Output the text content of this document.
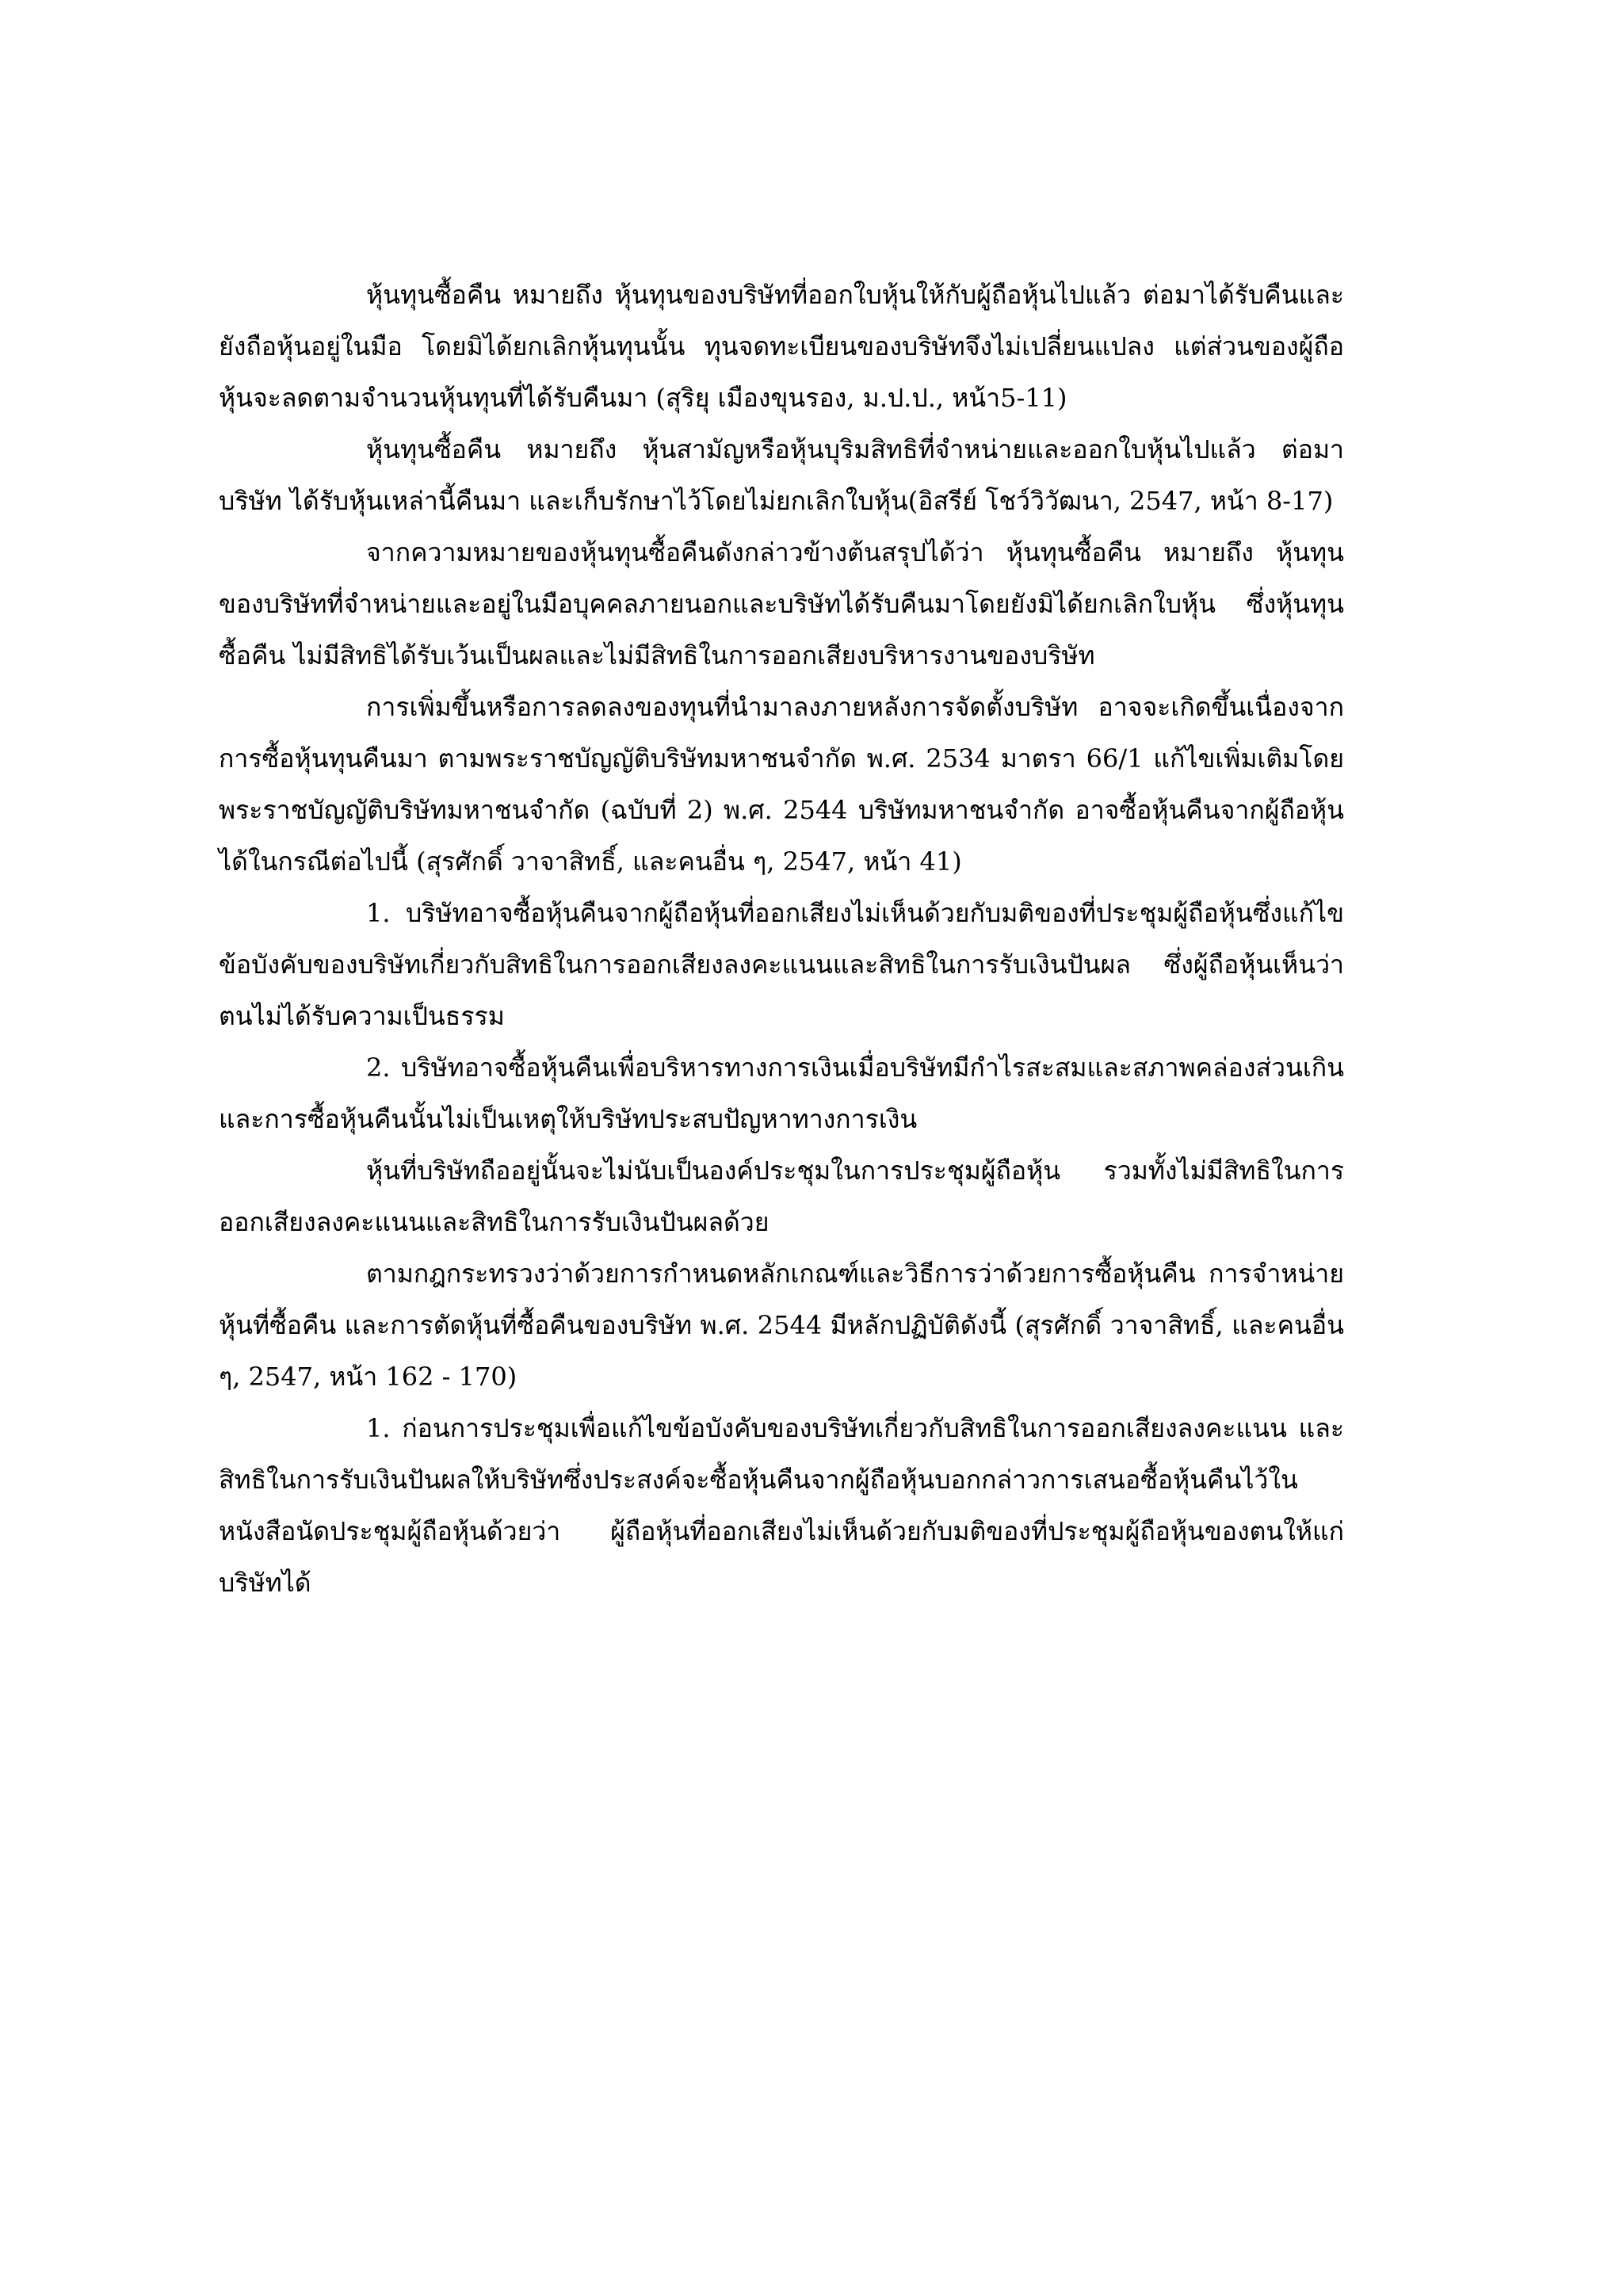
หุ้นทุนซื้อคืน หมายถึง หุ้นทุนของบริษัทที่ออกใบหุ้นให้กับผู้ถือหุ้นไปแล้ว ต่อมาได้รับคืนและยังถือหุ้นอยู่ในมือ โดยมิได้ยกเลิกหุ้นทุนนั้น ทุนจดทะเบียนของบริษัทจึงไม่เปลี่ยนแปลง แต่ส่วนของผู้ถือหุ้นจะลดตามจำนวนหุ้นทุนที่ได้รับคืนมา (สุริยุ เมืองขุนรอง, ม.ป.ป., หน้า5-11)

หุ้นทุนซื้อคืน หมายถึง หุ้นสามัญหรือหุ้นบุริมสิทธิที่จำหน่ายและออกใบหุ้นไปแล้ว ต่อมาบริษัท ได้รับหุ้นเหล่านี้คืนมา และเก็บรักษาไว้โดยไม่ยกเลิกใบหุ้น(อิสรีย์ โชว์วิวัฒนา, 2547, หน้า 8-17)

จากความหมายของหุ้นทุนซื้อคืนดังกล่าวข้างต้นสรุปได้ว่า หุ้นทุนซื้อคืน หมายถึง หุ้นทุนของบริษัทที่จำหน่ายและอยู่ในมือบุคคลภายนอกและบริษัทได้รับคืนมาโดยยังมิได้ยกเลิกใบหุ้น ซึ่งหุ้นทุนซื้อคืน ไม่มีสิทธิได้รับเว้นเป็นผลและไม่มีสิทธิในการออกเสียงบริหารงานของบริษัท

การเพิ่มขึ้นหรือการลดลงของทุนที่นำมาลงภายหลังการจัดตั้งบริษัท อาจจะเกิดขึ้นเนื่องจากการซื้อหุ้นทุนคืนมา ตามพระราชบัญญัติบริษัทมหาชนจำกัด พ.ศ. 2534 มาตรา 66/1 แก้ไขเพิ่มเติมโดย พระราชบัญญัติบริษัทมหาชนจำกัด (ฉบับที่ 2) พ.ศ. 2544 บริษัทมหาชนจำกัด อาจซื้อหุ้นคืนจากผู้ถือหุ้นได้ในกรณีต่อไปนี้ (สุรศักดิ์ วาจาสิทธิ์, และคนอื่น ๆ, 2547, หน้า 41)

1. บริษัทอาจซื้อหุ้นคืนจากผู้ถือหุ้นที่ออกเสียงไม่เห็นด้วยกับมติของที่ประชุมผู้ถือหุ้นซึ่งแก้ไขข้อบังคับของบริษัทเกี่ยวกับสิทธิในการออกเสียงลงคะแนนและสิทธิในการรับเงินปันผล ซึ่งผู้ถือหุ้นเห็นว่าตนไม่ได้รับความเป็นธรรม

2. บริษัทอาจซื้อหุ้นคืนเพื่อบริหารทางการเงินเมื่อบริษัทมีกำไรสะสมและสภาพคล่องส่วนเกิน และการซื้อหุ้นคืนนั้นไม่เป็นเหตุให้บริษัทประสบปัญหาทางการเงิน

หุ้นที่บริษัทถืออยู่นั้นจะไม่นับเป็นองค์ประชุมในการประชุมผู้ถือหุ้น รวมทั้งไม่มีสิทธิในการออกเสียงลงคะแนนและสิทธิในการรับเงินปันผลด้วย

ตามกฎกระทรวงว่าด้วยการกำหนดหลักเกณฑ์และวิธีการว่าด้วยการซื้อหุ้นคืน การจำหน่ายหุ้นที่ซื้อคืน และการตัดหุ้นที่ซื้อคืนของบริษัท พ.ศ. 2544 มีหลักปฏิบัติดังนี้ (สุรศักดิ์ วาจาสิทธิ์, และคนอื่น ๆ, 2547, หน้า 162 - 170)

1. ก่อนการประชุมเพื่อแก้ไขข้อบังคับของบริษัทเกี่ยวกับสิทธิในการออกเสียงลงคะแนน และสิทธิในการรับเงินปันผลให้บริษัทซึ่งประสงค์จะซื้อหุ้นคืนจากผู้ถือหุ้นบอกกล่าวการเสนอซื้อหุ้นคืนไว้ในหนังสือนัดประชุมผู้ถือหุ้นด้วยว่า ผู้ถือหุ้นที่ออกเสียงไม่เห็นด้วยกับมติของที่ประชุมผู้ถือหุ้นของตนให้แก่บริษัทได้
